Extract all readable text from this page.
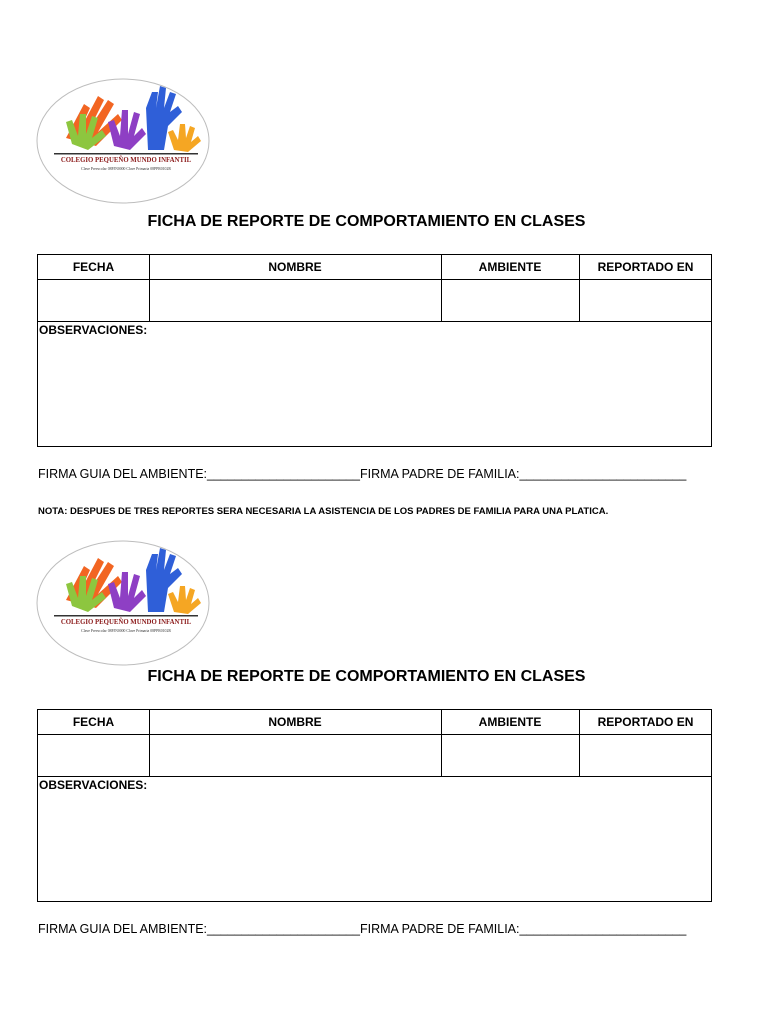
COLEGIO PEQUEÑO MUNDO INFANTIL
Clave Preescolar 08PJN0000 Clave Primaria 08PPR0102R
FICHA DE REPORTE DE COMPORTAMIENTO EN CLASES
FECHA	NOMBRE	AMBIENTE	REPORTADO EN
OBSERVACIONES:
FIRMA GUIA DEL AMBIENTE:______________________FIRMA PADRE DE FAMILIA:________________________
NOTA: DESPUES DE TRES REPORTES SERA NECESARIA LA ASISTENCIA DE LOS PADRES DE FAMILIA PARA UNA PLATICA.
COLEGIO PEQUEÑO MUNDO INFANTIL
Clave Preescolar 08PJN0000 Clave Primaria 08PPR0102R
FICHA DE REPORTE DE COMPORTAMIENTO EN CLASES
FECHA	NOMBRE	AMBIENTE	REPORTADO EN
OBSERVACIONES:
FIRMA GUIA DEL AMBIENTE:______________________FIRMA PADRE DE FAMILIA:________________________
